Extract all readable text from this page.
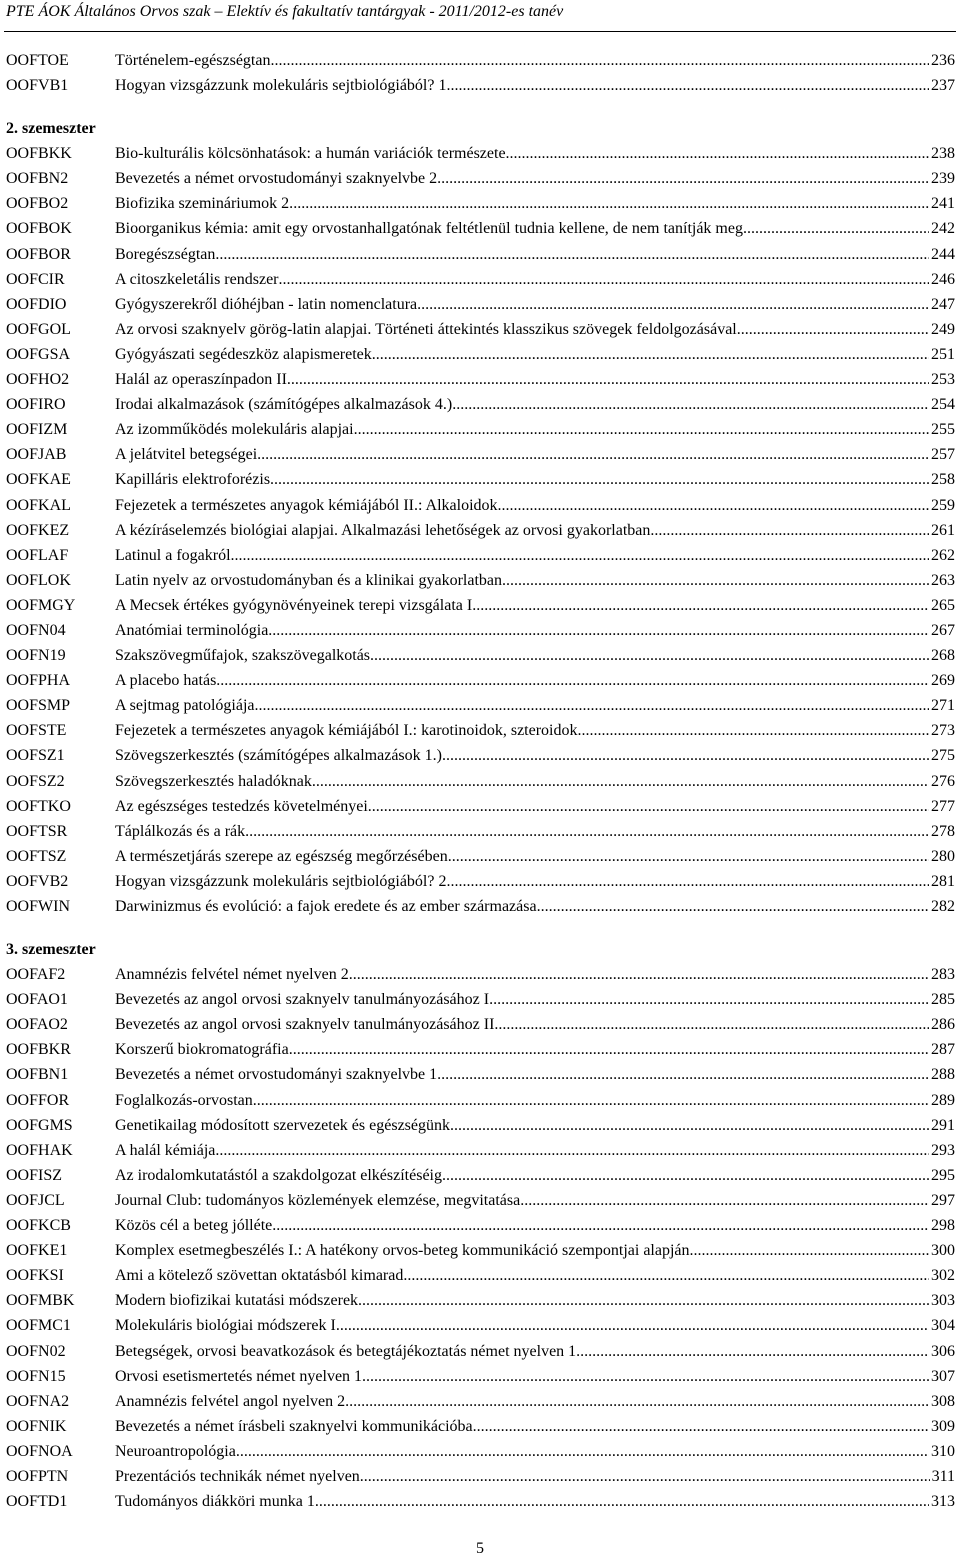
PTE ÁOK Általános Orvos szak – Elektív és fakultatív tantárgyak - 2011/2012-es tanév
OOFTOE	Történelem-egészségtan .....	236
OOFVB1	Hogyan vizsgázzunk molekuláris sejtbiológiából? 1. .....	237
2. szemeszter
OOFBKK	Bio-kulturális kölcsönhatások: a humán variációk természete .....	238
OOFBN2	Bevezetés a német orvostudományi szaknyelvbe 2. .....	239
OOFBO2	Biofizika szemináriumok 2. .....	241
OOFBOK	Bioorganikus kémia: amit egy orvostanhallgatónak feltétlenül tudnia kellene, de nem tanítják meg .....	242
OOFBOR	Boregészségtan .....	244
OOFCIR	A citoszkeletális rendszer .....	246
OOFDIO	Gyógyszerekről dióhéjban - latin nomenclatura .....	247
OOFGOL	Az orvosi szaknyelv görög-latin alapjai. Történeti áttekintés klasszikus szövegek feldolgozásával .....	249
OOFGSA	Gyógyászati segédeszköz alapismeretek .....	251
OOFHO2	Halál az operaszínpadon II. .....	253
OOFIRO	Irodai alkalmazások (számítógépes alkalmazások 4.) .....	254
OOFIZM	Az izomműködés molekuláris alapjai .....	255
OOFJAB	A jelátvitel betegségei .....	257
OOFKAE	Kapilláris elektroforézis .....	258
OOFKAL	Fejezetek a természetes anyagok kémiájából II.: Alkaloidok .....	259
OOFKEZ	A kézíráselemzés biológiai alapjai. Alkalmazási lehetőségek az orvosi gyakorlatban. .....	261
OOFLAF	Latinul a fogakról .....	262
OOFLOK	Latin nyelv az orvostudományban és a klinikai gyakorlatban .....	263
OOFMGY	A Mecsek értékes gyógynövényeinek terepi vizsgálata I. .....	265
OOFN04	Anatómiai terminológia .....	267
OOFN19	Szakszövegműfajok, szakszövegalkotás .....	268
OOFPHA	A placebo hatás .....	269
OOFSMP	A sejtmag patológiája .....	271
OOFSTE	Fejezetek a természetes anyagok kémiájából I.: karotinoidok, szteroidok .....	273
OOFSZ1	Szövegszerkesztés (számítógépes alkalmazások 1.) .....	275
OOFSZ2	Szövegszerkesztés haladóknak .....	276
OOFTKO	Az egészséges testedzés követelményei .....	277
OOFTSR	Táplálkozás és a rák .....	278
OOFTSZ	A természetjárás szerepe az egészség megőrzésében .....	280
OOFVB2	Hogyan vizsgázzunk molekuláris sejtbiológiából? 2. .....	281
OOFWIN	Darwinizmus és evolúció: a fajok eredete és az ember származása .....	282
3. szemeszter
OOFAF2	Anamnézis felvétel német nyelven 2. .....	283
OOFAO1	Bevezetés az angol orvosi szaknyelv tanulmányozásához I. .....	285
OOFAO2	Bevezetés az angol orvosi szaknyelv tanulmányozásához II. .....	286
OOFBKR	Korszerű biokromatográfia .....	287
OOFBN1	Bevezetés a német orvostudományi szaknyelvbe 1. .....	288
OOFFOR	Foglalkozás-orvostan .....	289
OOFGMS	Genetikailag módosított szervezetek és egészségünk .....	291
OOFHAK	A halál kémiája .....	293
OOFISZ	Az irodalomkutatástól a szakdolgozat elkészítéséig .....	295
OOFJCL	Journal Club: tudományos közlemények elemzése, megvitatása .....	297
OOFKCB	Közös cél a beteg jólléte .....	298
OOFKE1	Komplex esetmegbeszélés I.: A hatékony orvos-beteg kommunikáció szempontjai alapján .....	300
OOFKSI	Ami a kötelező szövettan oktatásból kimarad .....	302
OOFMBK	Modern biofizikai kutatási módszerek .....	303
OOFMC1	Molekuláris biológiai módszerek I. .....	304
OOFN02	Betegségek, orvosi beavatkozások és betegtájékoztatás német nyelven 1. .....	306
OOFN15	Orvosi esetismertetés német nyelven 1. .....	307
OOFNA2	Anamnézis felvétel angol nyelven 2. .....	308
OOFNIK	Bevezetés a német írásbeli szaknyelvi kommunikációba .....	309
OOFNOA	Neuroantropológia .....	310
OOFPTN	Prezentációs technikák német nyelven .....	311
OOFTD1	Tudományos diákköri munka 1. .....	313
5
